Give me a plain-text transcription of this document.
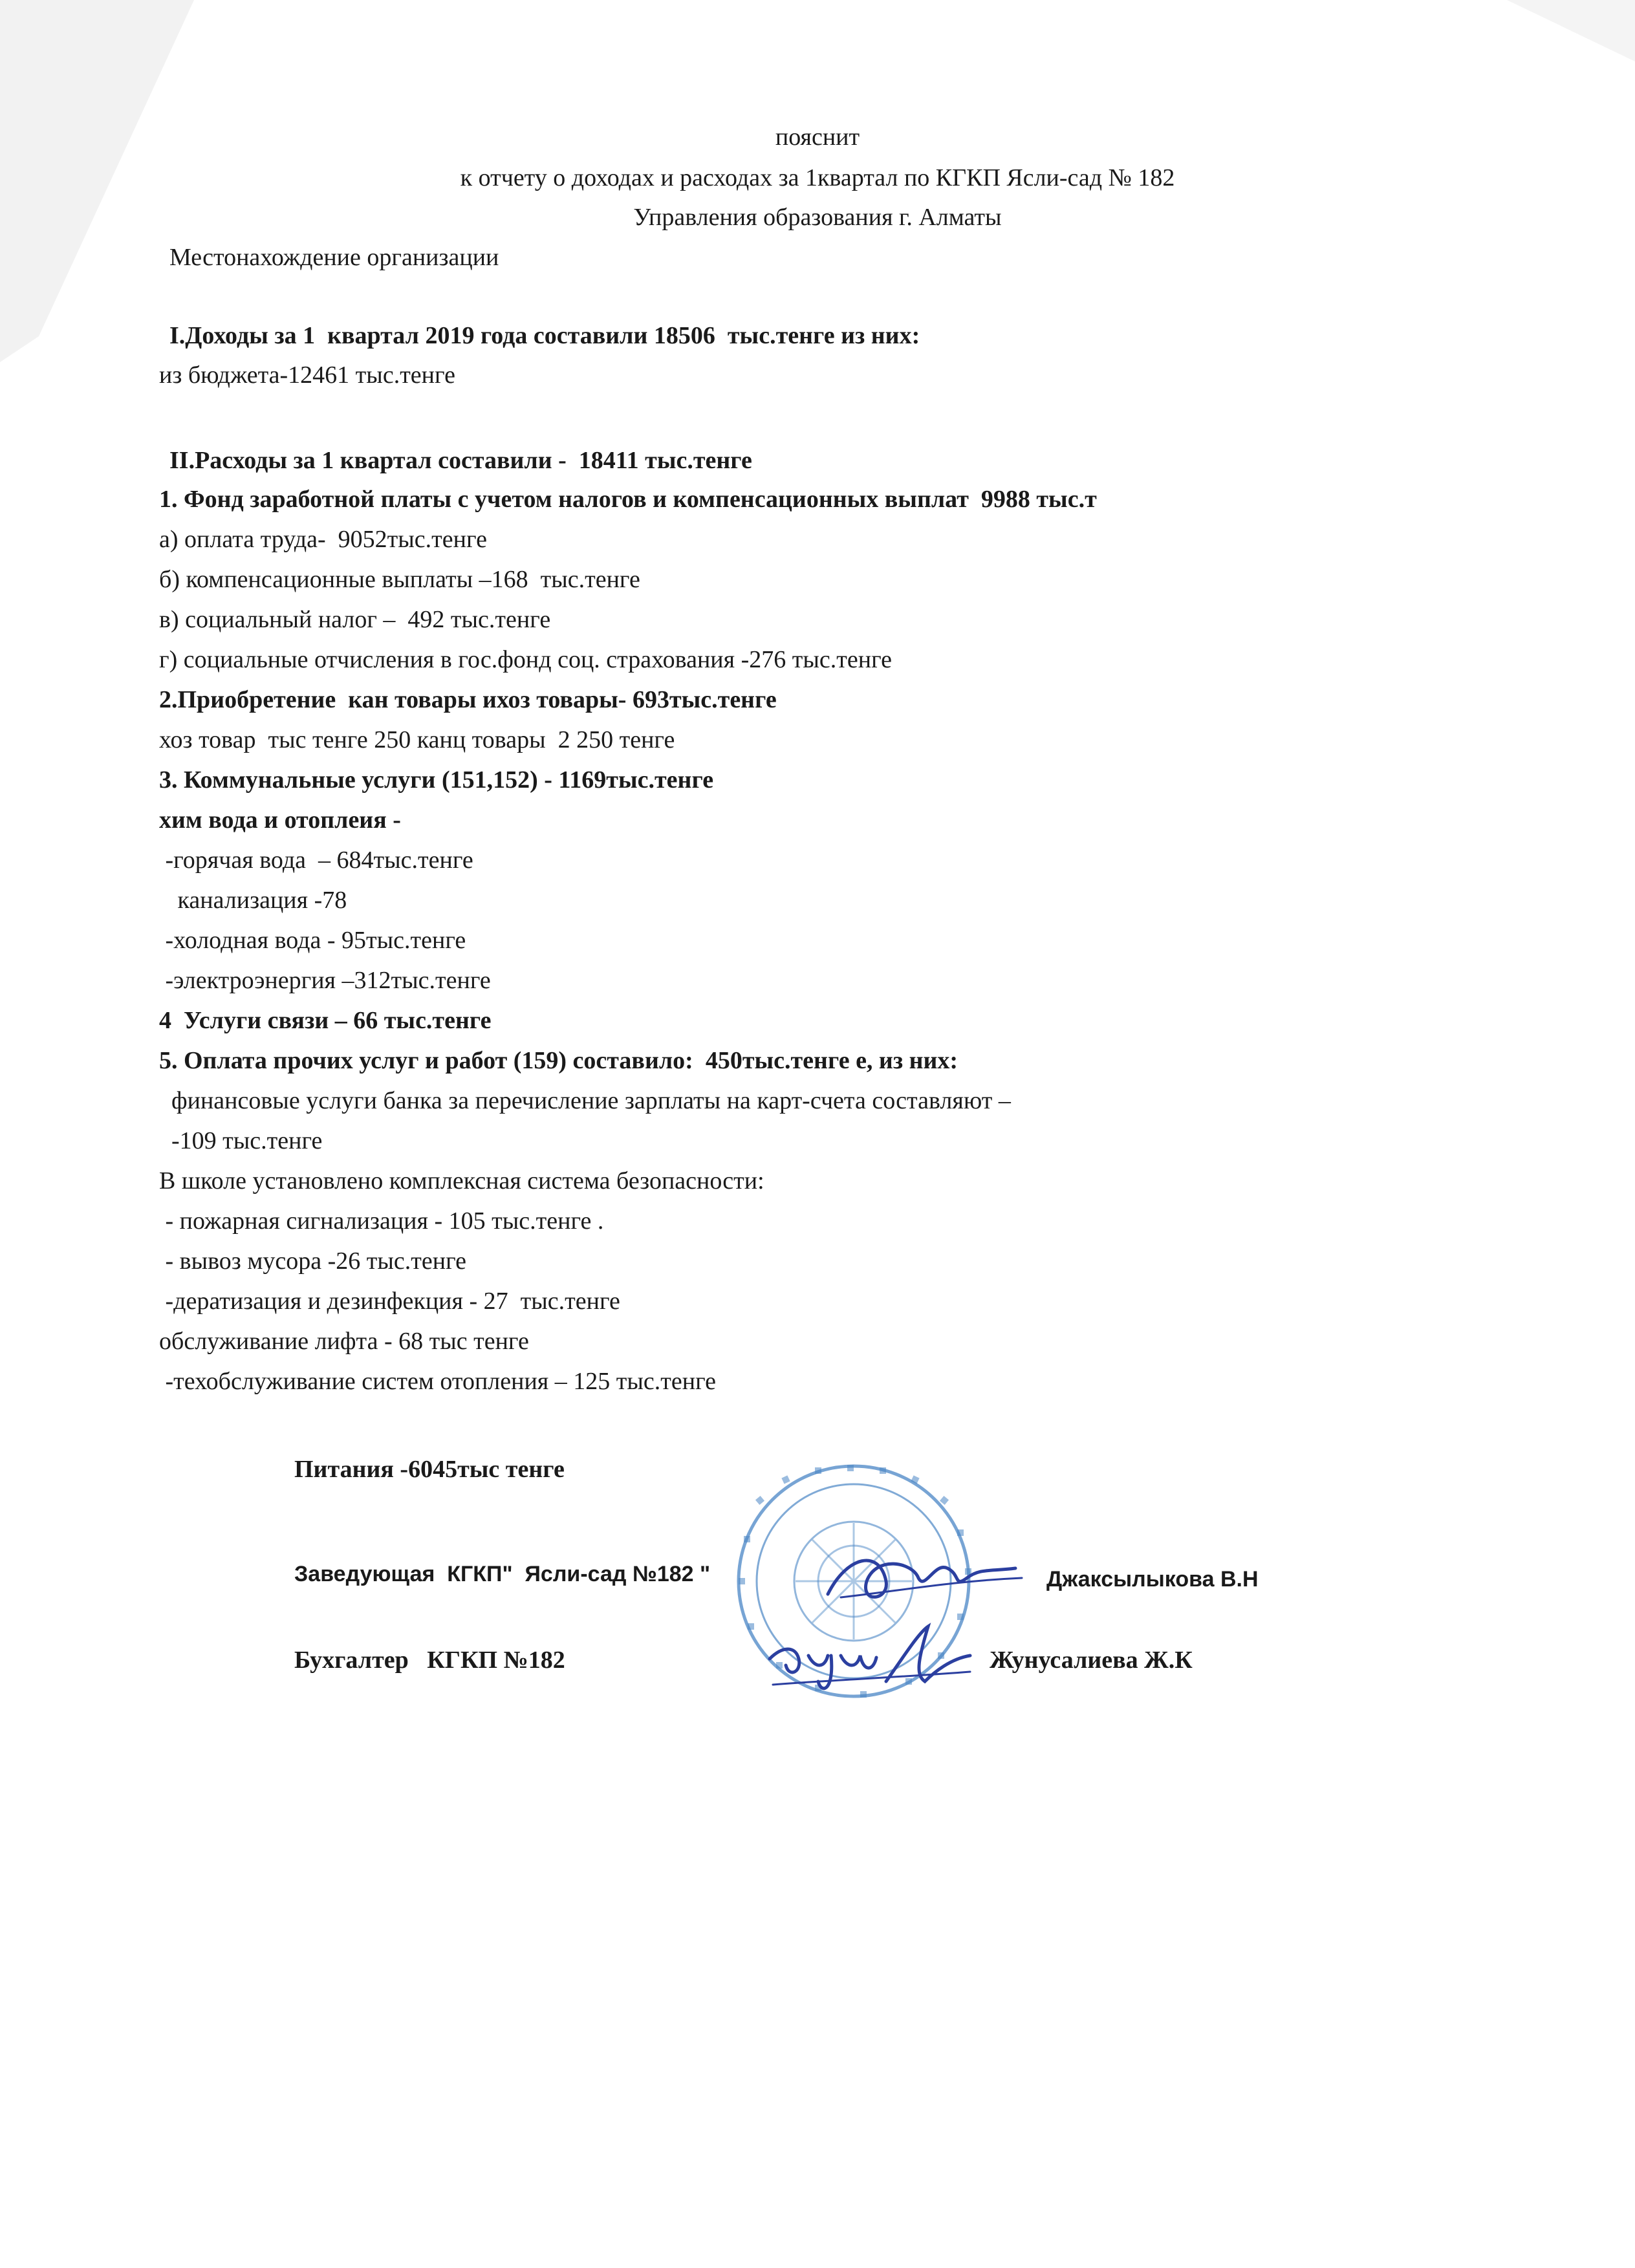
пояснит
к отчету о доходах и расходах за 1квартал по КГКП Ясли-сад № 182
Управления образования г. Алматы
Местонахождение организации
I.Доходы за 1  квартал 2019 года составили 18506  тыс.тенге из них:
из бюджета-12461 тыс.тенге
II.Расходы за 1 квартал составили -  18411 тыс.тенге
1. Фонд заработной платы с учетом налогов и компенсационных выплат  9988 тыс.т
а) оплата труда-  9052тыс.тенге
б) компенсационные выплаты –168  тыс.тенге
в) социальный налог –  492 тыс.тенге
г) социальные отчисления в гос.фонд соц. страхования -276 тыс.тенге
2.Приобретение  кан товары ихоз товары- 693тыс.тенге
хоз товар  тыс тенге 250 канц товары  2 250 тенге
3. Коммунальные услуги (151,152) - 1169тыс.тенге
хим вода и отоплеия -
-горячая вода  – 684тыс.тенге
канализация -78
-холодная вода - 95тыс.тенге
-электроэнергия –312тыс.тенге
4  Услуги связи – 66 тыс.тенге
5. Оплата прочих услуг и работ (159) составило:  450тыс.тенге е, из них:
финансовые услуги банка за перечисление зарплаты на карт-счета составляют –
-109 тыс.тенге
В школе установлено комплексная система безопасности:
- пожарная сигнализация - 105 тыс.тенге .
- вывоз мусора -26 тыс.тенге
-дератизация и дезинфекция - 27  тыс.тенге
обслуживание лифта - 68 тыс тенге
-техобслуживание систем отопления – 125 тыс.тенге
Питания -6045тыс тенге
Заведующая  КГКП"  Ясли-сад №182 "	Джаксылыкова В.Н
Бухгалтер   КГКП №182	Жунусалиева Ж.К
